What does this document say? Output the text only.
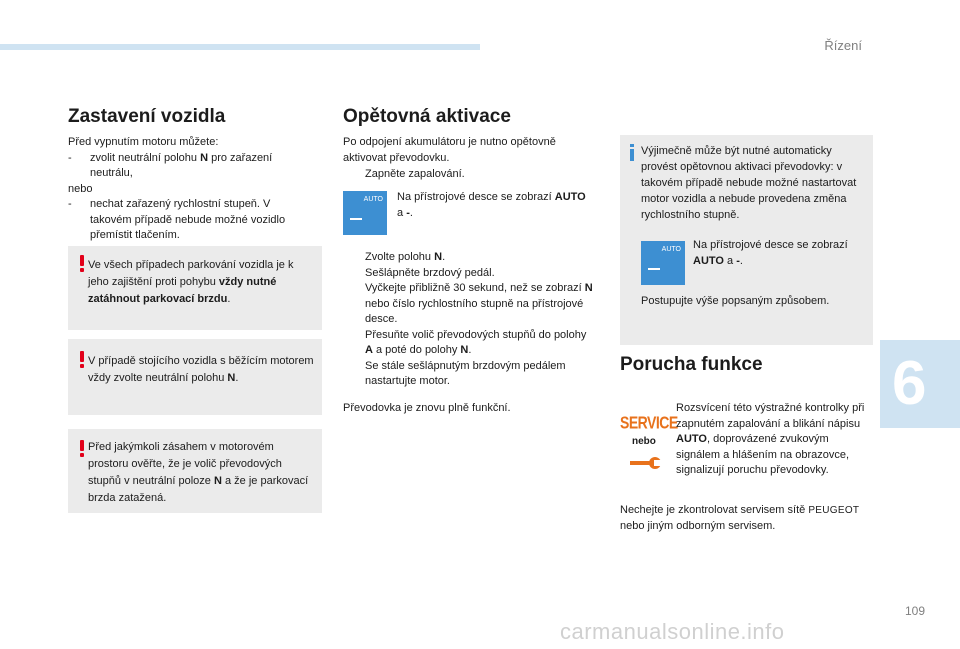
Řízení
6
109
carmanualsonline.info
Zastavení vozidla
Před vypnutím motoru můžete:
- zvolit neutrální polohu N pro zařazení neutrálu,
nebo
- nechat zařazený rychlostní stupeň. V takovém případě nebude možné vozidlo přemístit tlačením.
Ve všech případech parkování vozidla je k jeho zajištění proti pohybu vždy nutné zatáhnout parkovací brzdu.
V případě stojícího vozidla s běžícím motorem vždy zvolte neutrální polohu N.
Před jakýmkoli zásahem v motorovém prostoru ověřte, že je volič převodových stupňů v neutrální poloze N a že je parkovací brzda zatažená.
Opětovná aktivace
Po odpojení akumulátoru je nutno opětovně aktivovat převodovku.
Zapněte zapalování.
AUTO Na přístrojové desce se zobrazí AUTO a -.
Zvolte polohu N.
Sešlápněte brzdový pedál.
Vyčkejte přibližně 30 sekund, než se zobrazí N nebo číslo rychlostního stupně na přístrojové desce.
Přesuňte volič převodových stupňů do polohy A a poté do polohy N.
Se stále sešlápnutým brzdovým pedálem nastartujte motor.
Převodovka je znovu plně funkční.
Výjimečně může být nutné automaticky provést opětovnou aktivaci převodovky: v takovém případě nebude možné nastartovat motor vozidla a nebude provedena změna rychlostního stupně.
AUTO Na přístrojové desce se zobrazí AUTO a -.
Postupujte výše popsaným způsobem.
Porucha funkce
SERVICE
nebo
Rozsvícení této výstražné kontrolky při zapnutém zapalování a blikání nápisu AUTO, doprovázené zvukovým signálem a hlášením na obrazovce, signalizují poruchu převodovky.
Nechejte je zkontrolovat servisem sítě PEUGEOT nebo jiným odborným servisem.
